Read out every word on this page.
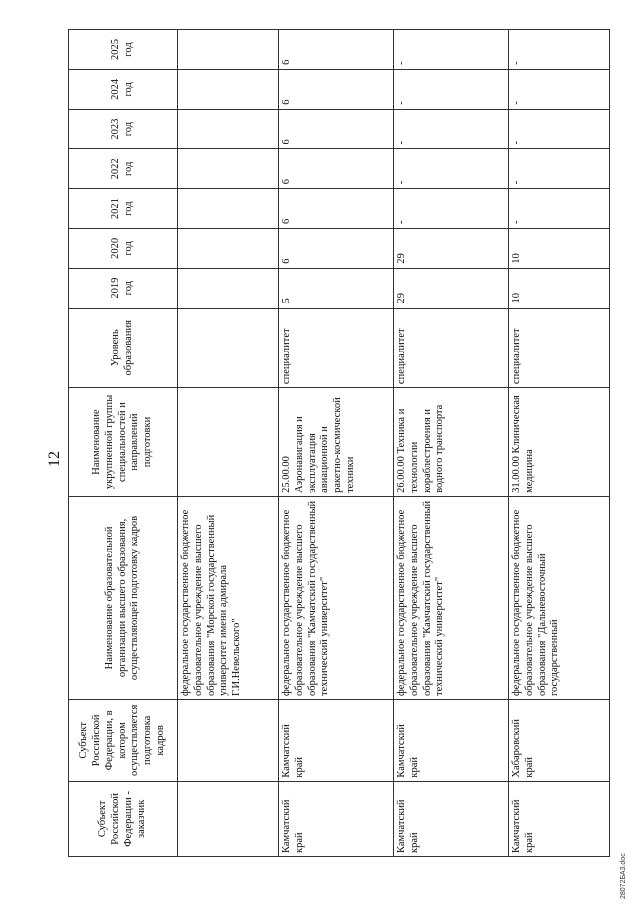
12
Субъект Российской Федерации - заказчик	Субъект Российской Федерации, в котором осуществляется подготовка кадров	Наименование образовательной организации высшего образования, осуществляющей подготовку кадров	Наименование укрупненной группы специальностей и направлений подготовки	Уровень образования	2019 год	2020 год	2021 год	2022 год	2023 год	2024 год	2025 год
		федеральное государственное бюджетное образовательное учреждение высшего образования "Морской государственный университет имени адмирала Г.И.Невельского"									
Камчатский край	Камчатский край	федеральное государственное бюджетное образовательное учреждение высшего образования "Камчатский государственный технический университет"	25.00.00 Аэронавигация и эксплуатация авиационной и ракетно-космической техники	специалитет	5	6	6	6	6	6	6
Камчатский край	Камчатский край	федеральное государственное бюджетное образовательное учреждение высшего образования "Камчатский государственный технический университет"	26.00.00 Техника и технологии кораблестроения и водного транспорта	специалитет	29	29	-	-	-	-	-
Камчатский край	Хабаровский край	федеральное государственное бюджетное образовательное учреждение высшего образования "Дальневосточный государственный	31.00.00 Клиническая медицина	специалитет	10	10	-	-	-	-	-
28072БА3.doc
